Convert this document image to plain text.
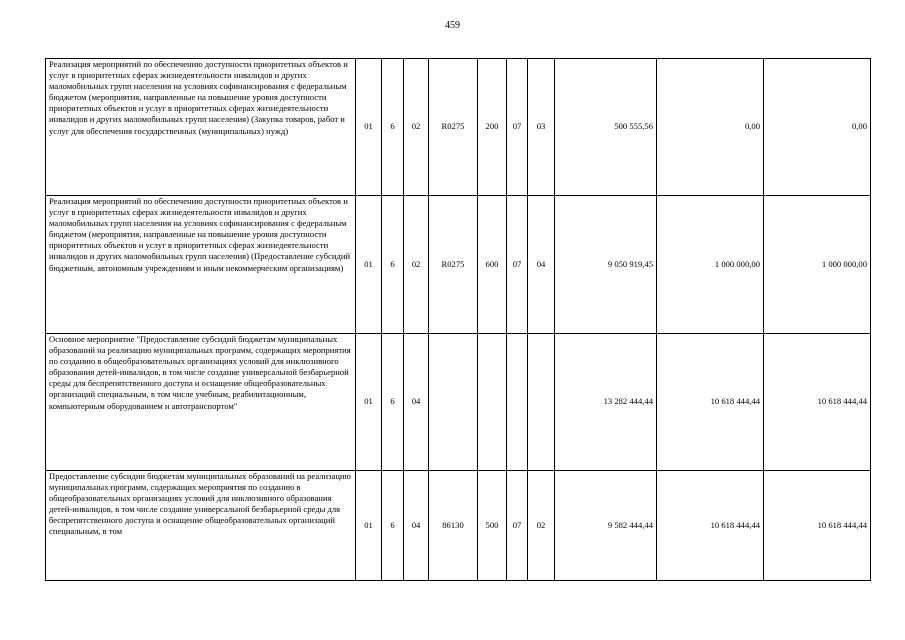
459
Реализация мероприятий по обеспечению доступности приоритетных объектов и услуг в приоритетных сферах жизнедеятельности инвалидов и других маломобильных групп населения на условиях софинансирования с федеральным бюджетом (мероприятия, направленные на повышение уровня доступности приоритетных объектов и услуг в приоритетных сферах жизнедеятельности инвалидов и других маломобильных групп населения) (Закупка товаров, работ и услуг для обеспечения государственных (муниципальных) нужд)	01	6	02	R0275	200	07	03	500 555,56	0,00	0,00
Реализация мероприятий по обеспечению доступности приоритетных объектов и услуг в приоритетных сферах жизнедеятельности инвалидов и других маломобильных групп населения на условиях софинансирования с федеральным бюджетом (мероприятия, направленные на повышение уровня доступности приоритетных объектов и услуг в приоритетных сферах жизнедеятельности инвалидов и других маломобильных групп населения) (Предоставление субсидий бюджетным, автономным учреждениям и иным некоммерческим организациям)	01	6	02	R0275	600	07	04	9 050 919,45	1 000 000,00	1 000 000,00
Основное мероприятие "Предоставление субсидий бюджетам муниципальных образований на реализацию муниципальных программ, содержащих мероприятия по созданию в общеобразовательных организациях условий для инклюзивного образования детей-инвалидов, в том числе создание универсальной безбарьерной среды для беспрепятственного доступа и оснащение общеобразовательных организаций специальным, в том числе учебным, реабилитационным, компьютерным оборудованием и автотранспортом"	01	6	04					13 282 444,44	10 618 444,44	10 618 444,44
Предоставление субсидии бюджетам муниципальных образований на реализацию муниципальных программ, содержащих мероприятия по созданию в общеобразовательных организациях условий для инклюзивного образования детей-инвалидов, в том числе создание универсальной безбарьерной среды для беспрепятственного доступа и оснащение общеобразовательных организаций специальным, в том	01	6	04	86130	500	07	02	9 582 444,44	10 618 444,44	10 618 444,44
